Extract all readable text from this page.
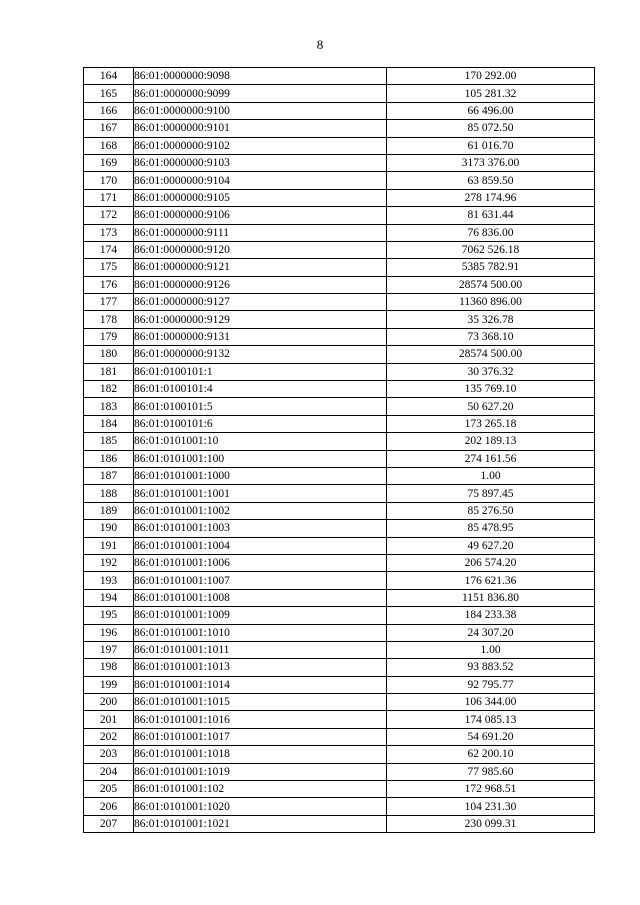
8
164	86:01:0000000:9098	170 292.00
165	86:01:0000000:9099	105 281.32
166	86:01:0000000:9100	66 496.00
167	86:01:0000000:9101	85 072.50
168	86:01:0000000:9102	61 016.70
169	86:01:0000000:9103	3173 376.00
170	86:01:0000000:9104	63 859.50
171	86:01:0000000:9105	278 174.96
172	86:01:0000000:9106	81 631.44
173	86:01:0000000:9111	76 836.00
174	86:01:0000000:9120	7062 526.18
175	86:01:0000000:9121	5385 782.91
176	86:01:0000000:9126	28574 500.00
177	86:01:0000000:9127	11360 896.00
178	86:01:0000000:9129	35 326.78
179	86:01:0000000:9131	73 368.10
180	86:01:0000000:9132	28574 500.00
181	86:01:0100101:1	30 376.32
182	86:01:0100101:4	135 769.10
183	86:01:0100101:5	50 627.20
184	86:01:0100101:6	173 265.18
185	86:01:0101001:10	202 189.13
186	86:01:0101001:100	274 161.56
187	86:01:0101001:1000	1.00
188	86:01:0101001:1001	75 897.45
189	86:01:0101001:1002	85 276.50
190	86:01:0101001:1003	85 478.95
191	86:01:0101001:1004	49 627.20
192	86:01:0101001:1006	206 574.20
193	86:01:0101001:1007	176 621.36
194	86:01:0101001:1008	1151 836.80
195	86:01:0101001:1009	184 233.38
196	86:01:0101001:1010	24 307.20
197	86:01:0101001:1011	1.00
198	86:01:0101001:1013	93 883.52
199	86:01:0101001:1014	92 795.77
200	86:01:0101001:1015	106 344.00
201	86:01:0101001:1016	174 085.13
202	86:01:0101001:1017	54 691.20
203	86:01:0101001:1018	62 200.10
204	86:01:0101001:1019	77 985.60
205	86:01:0101001:102	172 968.51
206	86:01:0101001:1020	104 231.30
207	86:01:0101001:1021	230 099.31
